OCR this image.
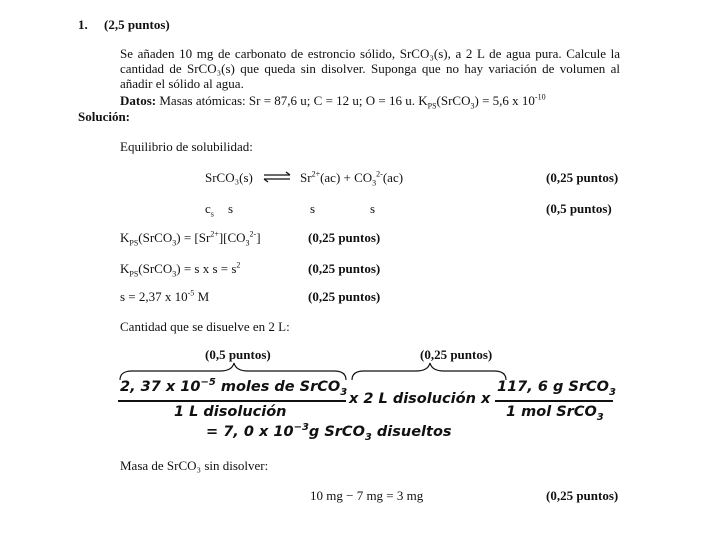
1. (2,5 puntos)
Se añaden 10 mg de carbonato de estroncio sólido, SrCO₃(s), a 2 L de agua pura. Calcule la cantidad de SrCO₃(s) que queda sin disolver. Suponga que no hay variación de volumen al añadir el sólido al agua.
Datos: Masas atómicas: Sr = 87,6 u; C = 12 u; O = 16 u. $K_{PS}(SrCO_3) = 5,6$ x $10^{-10}$
Solución:
Equilibrio de solubilidad:
SrCO₃(s) ⇌ $Sr^{2+}(ac) + CO_3^{2-}(ac)$	(0,25 puntos)
$c_s$ s	s	s	(0,5 puntos)
$K_{PS}(SrCO_3) = [Sr^{2+}][CO_3^{2-}]$	(0,25 puntos)
$K_{PS}(SrCO_3) = s$ x $s = s^2$	(0,25 puntos)
s = 2,37 x $10^{-5}$ M	(0,25 puntos)
Cantidad que se disuelve en 2 L:
(0,5 puntos)	(0,25 puntos)
2, 37 x $10^{-5}$ moles de SrCO$_3$
1 L disolución
x 2 L disolución x
117, 6 g SrCO$_3$
1 mol SrCO$_3$
= 7, 0 x $10^{-3}g$ SrCO$_3$ disueltos
Masa de SrCO₃ sin disolver:
10 mg − 7 mg = 3 mg	(0,25 puntos)
